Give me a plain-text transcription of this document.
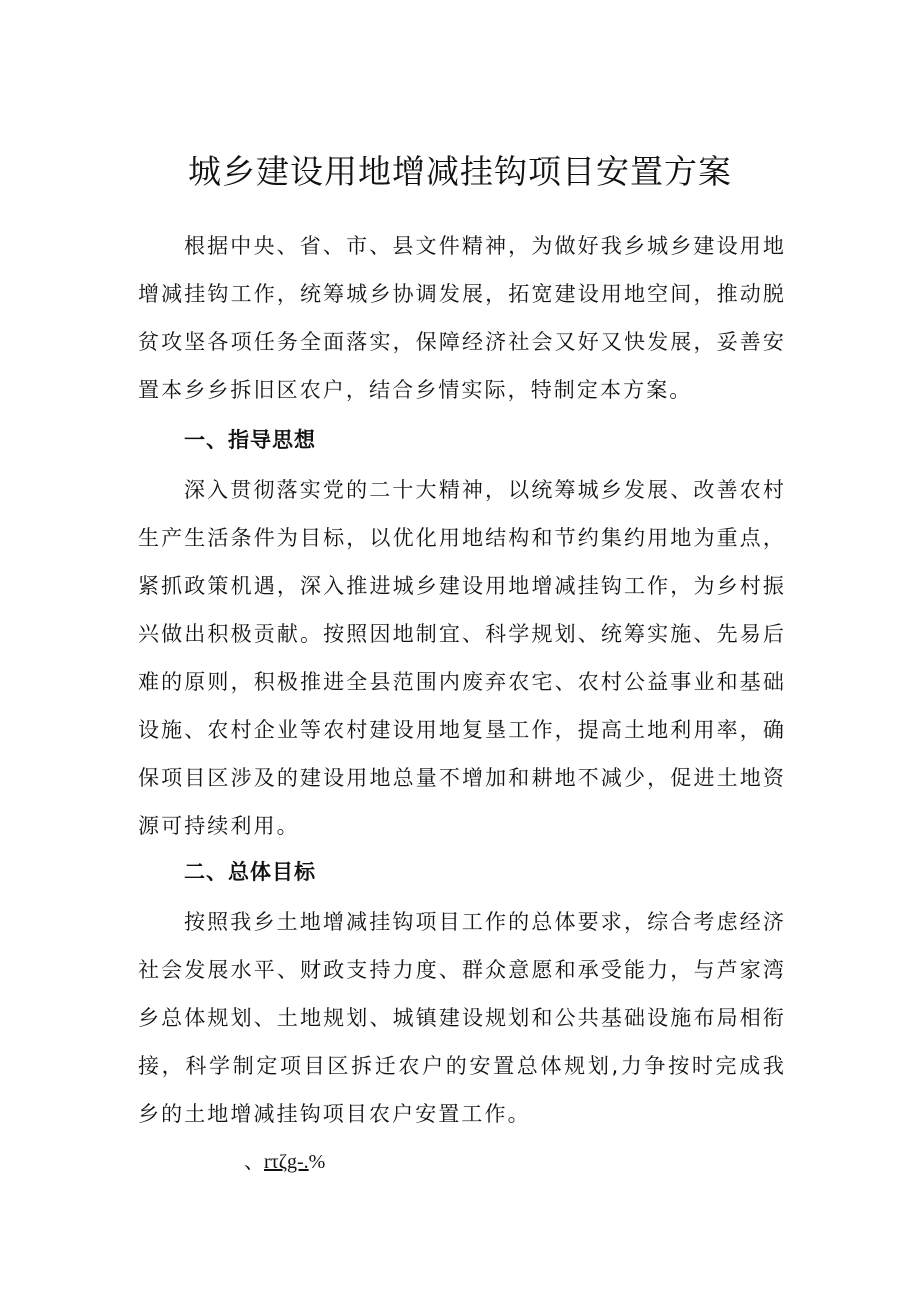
城乡建设用地增减挂钩项目安置方案

根据中央、省、市、县文件精神，为做好我乡城乡建设用地增减挂钩工作，统筹城乡协调发展，拓宽建设用地空间，推动脱贫攻坚各项任务全面落实，保障经济社会又好又快发展，妥善安置本乡乡拆旧区农户，结合乡情实际，特制定本方案。

一、指导思想

深入贯彻落实党的二十大精神，以统筹城乡发展、改善农村生产生活条件为目标，以优化用地结构和节约集约用地为重点，紧抓政策机遇，深入推进城乡建设用地增减挂钩工作，为乡村振兴做出积极贡献。按照因地制宜、科学规划、统筹实施、先易后难的原则，积极推进全县范围内废弃农宅、农村公益事业和基础设施、农村企业等农村建设用地复垦工作，提高土地利用率，确保项目区涉及的建设用地总量不增加和耕地不减少，促进土地资源可持续利用。

二、总体目标

按照我乡土地增减挂钩项目工作的总体要求，综合考虑经济社会发展水平、财政支持力度、群众意愿和承受能力，与芦家湾乡总体规划、土地规划、城镇建设规划和公共基础设施布局相衔接，科学制定项目区拆迁农户的安置总体规划,力争按时完成我乡的土地增减挂钩项目农户安置工作。

、rτζg-.%
